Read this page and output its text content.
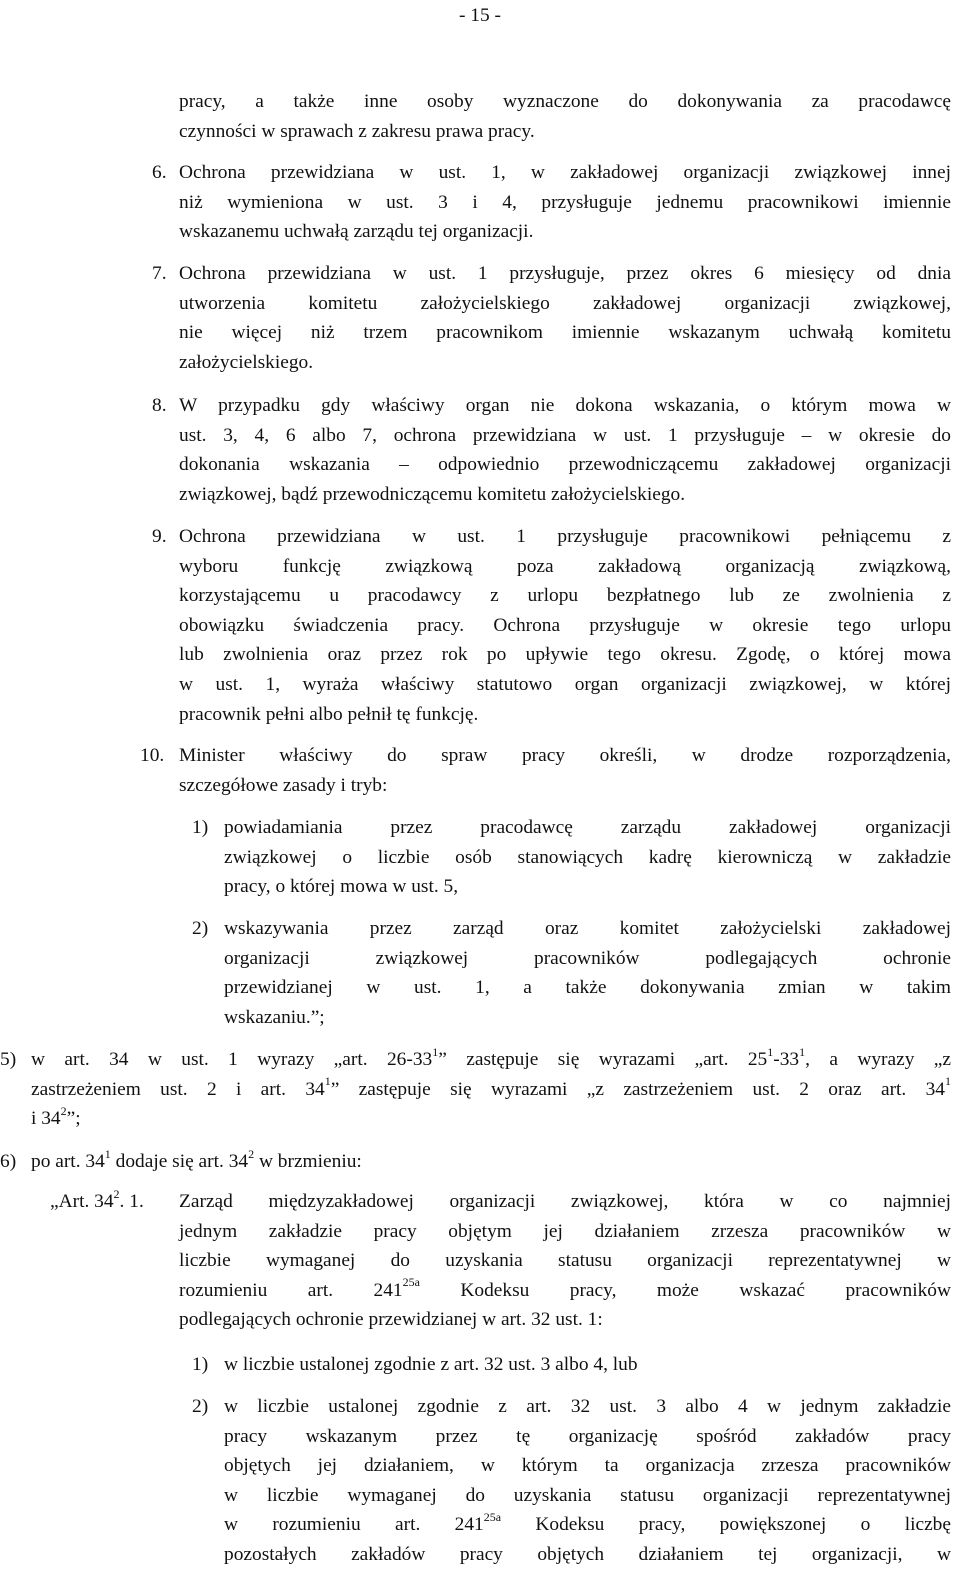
- 15 -
pracy, a także inne osoby wyznaczone do dokonywania za pracodawcę
czynności w sprawach z zakresu prawa pracy.
6. Ochrona przewidziana w ust. 1, w zakładowej organizacji związkowej innej
niż wymieniona w ust. 3 i 4, przysługuje jednemu pracownikowi imiennie
wskazanemu uchwałą zarządu tej organizacji.
7. Ochrona przewidziana w ust. 1 przysługuje, przez okres 6 miesięcy od dnia
utworzenia komitetu założycielskiego zakładowej organizacji związkowej,
nie więcej niż trzem pracownikom imiennie wskazanym uchwałą komitetu
założycielskiego.
8. W przypadku gdy właściwy organ nie dokona wskazania, o którym mowa w
ust. 3, 4, 6 albo 7, ochrona przewidziana w ust. 1 przysługuje – w okresie do
dokonania wskazania – odpowiednio przewodniczącemu zakładowej organizacji
związkowej, bądź przewodniczącemu komitetu założycielskiego.
9. Ochrona przewidziana w ust. 1 przysługuje pracownikowi pełniącemu z
wyboru funkcję związkową poza zakładową organizacją związkową,
korzystającemu u pracodawcy z urlopu bezpłatnego lub ze zwolnienia z
obowiązku świadczenia pracy. Ochrona przysługuje w okresie tego urlopu
lub zwolnienia oraz przez rok po upływie tego okresu. Zgodę, o której mowa
w ust. 1, wyraża właściwy statutowo organ organizacji związkowej, w której
pracownik pełni albo pełnił tę funkcję.
10. Minister właściwy do spraw pracy określi, w drodze rozporządzenia,
szczegółowe zasady i tryb:
1) powiadamiania przez pracodawcę zarządu zakładowej organizacji
związkowej o liczbie osób stanowiących kadrę kierowniczą w zakładzie
pracy, o której mowa w ust. 5,
2) wskazywania przez zarząd oraz komitet założycielski zakładowej
organizacji związkowej pracowników podlegających ochronie
przewidzianej w ust. 1, a także dokonywania zmian w takim
wskazaniu.”;
5) w art. 34 w ust. 1 wyrazy „art. $26-33^1$” zastępuje się wyrazami „art. $25^1-33^1$, a wyrazy „z
zastrzeżeniem ust. 2 i art. $34^1$” zastępuje się wyrazami „z zastrzeżeniem ust. 2 oraz art. $34^1$
i $34^2$”;
6) po art. $34^1$ dodaje się art. $34^2$ w brzmieniu:
„Art. $34^2$. 1. Zarząd międzyzakładowej organizacji związkowej, która w co najmniej
jednym zakładzie pracy objętym jej działaniem zrzesza pracowników w
liczbie wymaganej do uzyskania statusu organizacji reprezentatywnej w
rozumieniu art. $241^{25a}$ Kodeksu pracy, może wskazać pracowników
podlegających ochronie przewidzianej w art. 32 ust. 1:
1) w liczbie ustalonej zgodnie z art. 32 ust. 3 albo 4, lub
2) w liczbie ustalonej zgodnie z art. 32 ust. 3 albo 4 w jednym zakładzie
pracy wskazanym przez tę organizację spośród zakładów pracy
objętych jej działaniem, w którym ta organizacja zrzesza pracowników
w liczbie wymaganej do uzyskania statusu organizacji reprezentatywnej
w rozumieniu art. $241^{25a}$ Kodeksu pracy, powiększonej o liczbę
pozostałych zakładów pracy objętych działaniem tej organizacji, w
